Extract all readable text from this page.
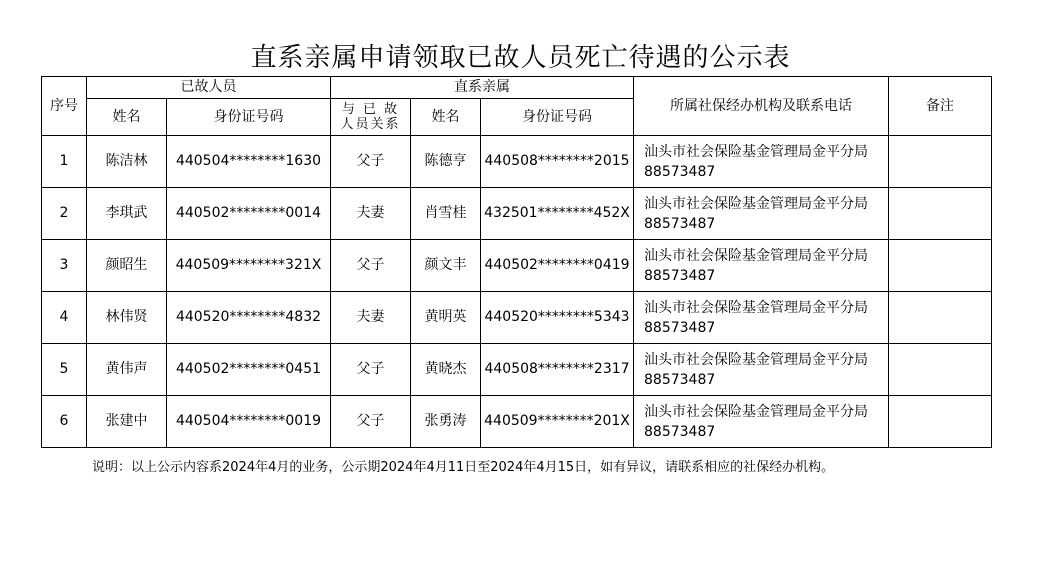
直系亲属申请领取已故人员死亡待遇的公示表
序号	已故人员		直系亲属			所属社保经办机构及联系电话	备注
	姓名	身份证号码	与 已 故 人员关系	姓名	身份证号码		
1	陈洁林	440504********1630	父子	陈德亨	440508********2015	汕头市社会保险基金管理局金平分局　88573487	
2	李琪武	440502********0014	夫妻	肖雪桂	432501********452X	汕头市社会保险基金管理局金平分局　88573487	
3	颜昭生	440509********321X	父子	颜文丰	440502********0419	汕头市社会保险基金管理局金平分局　88573487	
4	林伟贤	440520********4832	夫妻	黄明英	440520********5343	汕头市社会保险基金管理局金平分局　88573487	
5	黄伟声	440502********0451	父子	黄晓杰	440508********2317	汕头市社会保险基金管理局金平分局　88573487	
6	张建中	440504********0019	父子	张勇涛	440509********201X	汕头市社会保险基金管理局金平分局　88573487	
说明：以上公示内容系2024年4月的业务，公示期2024年4月11日至2024年4月15日，如有异议，请联系相应的社保经办机构。
